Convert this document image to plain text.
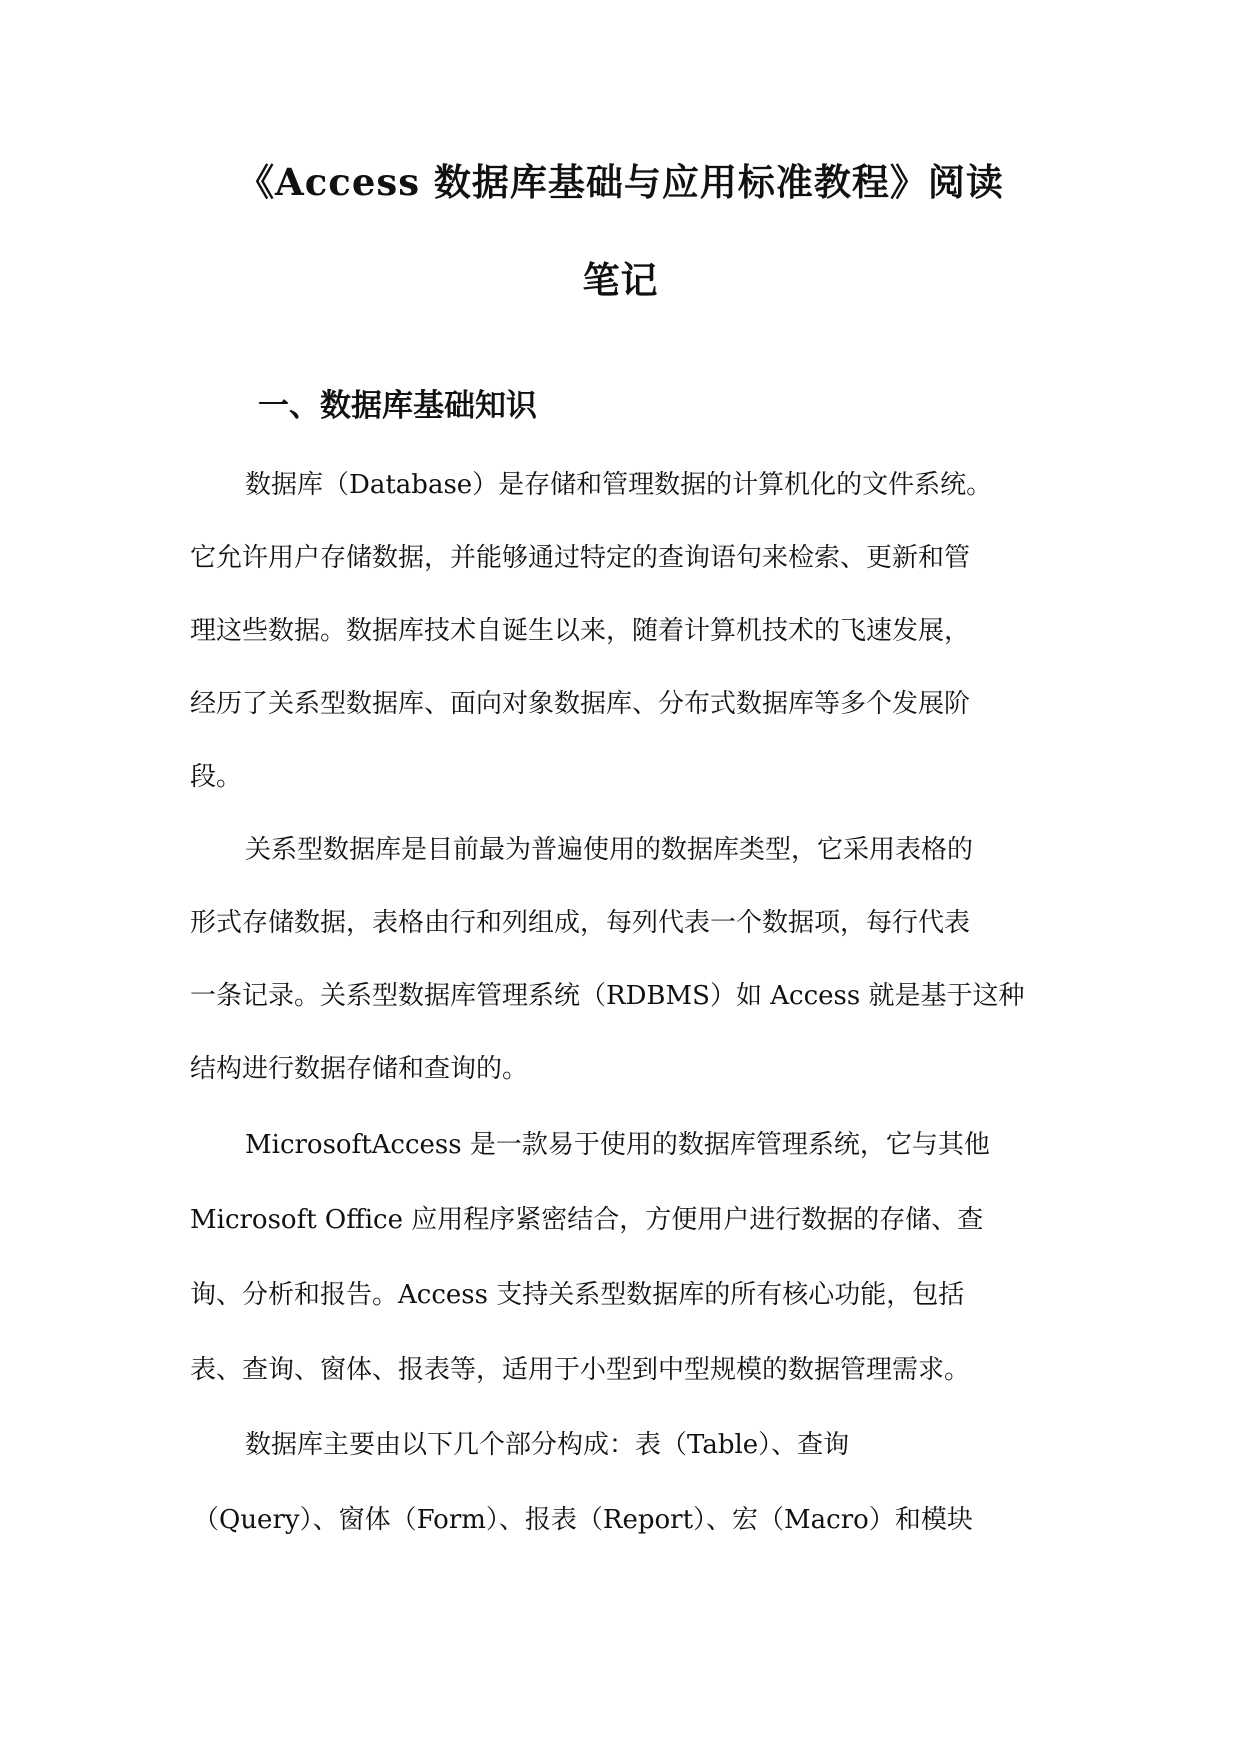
《Access 数据库基础与应用标准教程》阅读
笔记
一、数据库基础知识
数据库（Database）是存储和管理数据的计算机化的文件系统。
它允许用户存储数据，并能够通过特定的查询语句来检索、更新和管
理这些数据。数据库技术自诞生以来，随着计算机技术的飞速发展，
经历了关系型数据库、面向对象数据库、分布式数据库等多个发展阶
段。
关系型数据库是目前最为普遍使用的数据库类型，它采用表格的
形式存储数据，表格由行和列组成，每列代表一个数据项，每行代表
一条记录。关系型数据库管理系统（RDBMS）如 Access 就是基于这种
结构进行数据存储和查询的。
MicrosoftAccess 是一款易于使用的数据库管理系统，它与其他
Microsoft Office 应用程序紧密结合，方便用户进行数据的存储、查
询、分析和报告。Access 支持关系型数据库的所有核心功能，包括
表、查询、窗体、报表等，适用于小型到中型规模的数据管理需求。
数据库主要由以下几个部分构成：表（Table）、查询
（Query）、窗体（Form）、报表（Report）、宏（Macro）和模块
